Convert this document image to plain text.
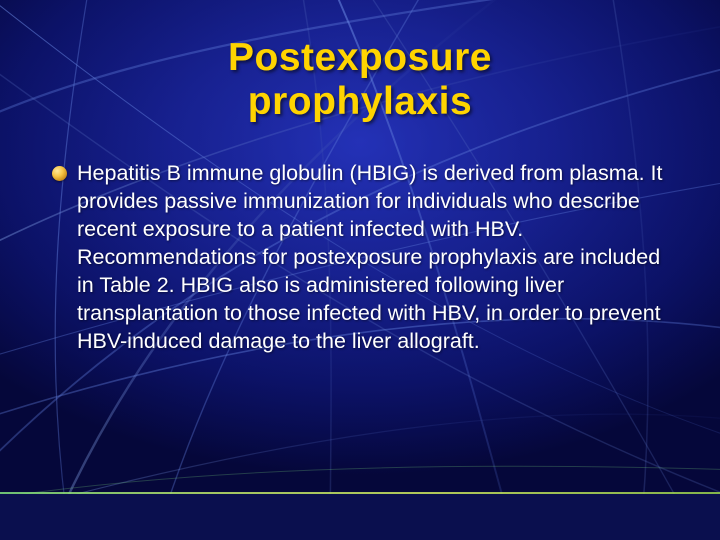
Postexposure
prophylaxis
Hepatitis B immune globulin (HBIG) is derived from plasma. It provides passive immunization for individuals who describe recent exposure to a patient infected with HBV. Recommendations for postexposure prophylaxis are included in Table 2. HBIG also is administered following liver transplantation to those infected with HBV, in order to prevent HBV-induced damage to the liver allograft.
